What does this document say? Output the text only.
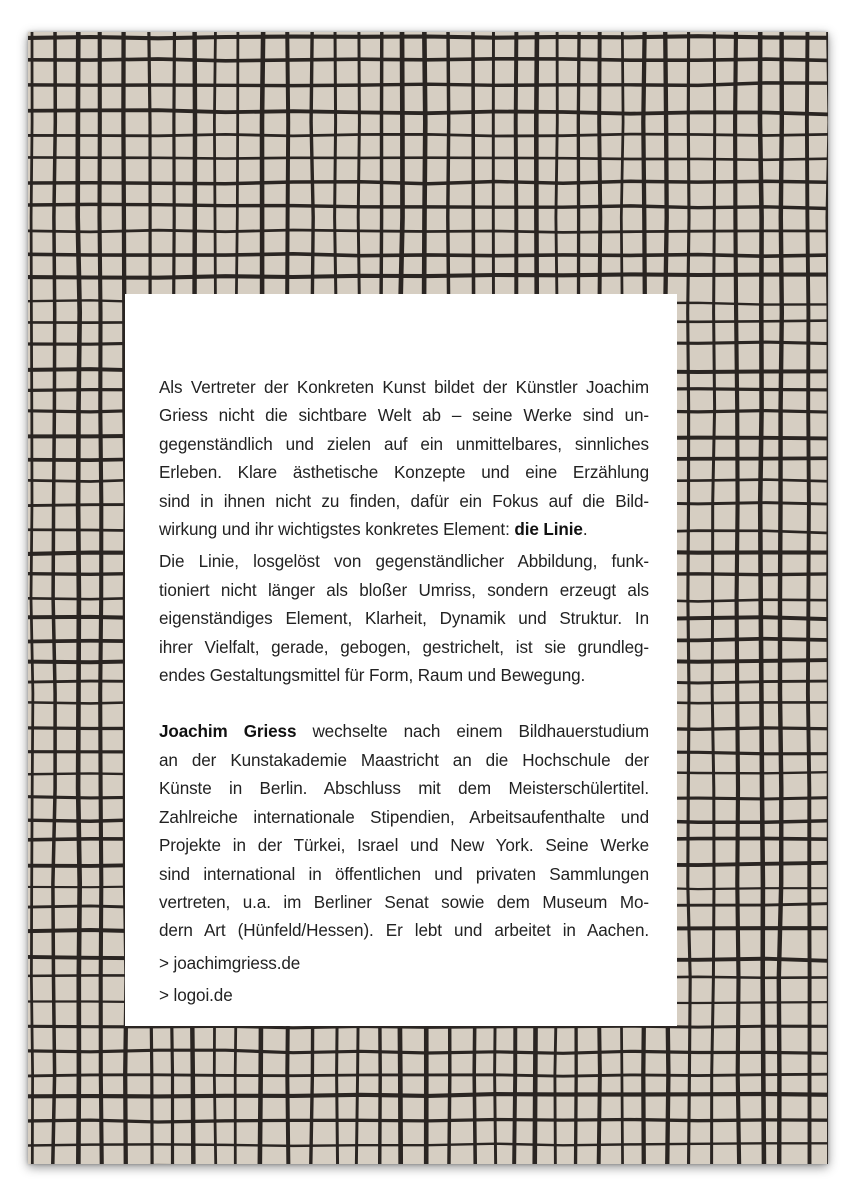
Als Vertreter der Konkreten Kunst bildet der Künstler Joachim
Griess nicht die sichtbare Welt ab – seine Werke sind un-
gegenständlich und zielen auf ein unmittelbares, sinnliches
Erleben. Klare ästhetische Konzepte und eine Erzählung
sind in ihnen nicht zu finden, dafür ein Fokus auf die Bild-
wirkung und ihr wichtigstes konkretes Element: die Linie.
Die Linie, losgelöst von gegenständlicher Abbildung, funk-
tioniert nicht länger als bloßer Umriss, sondern erzeugt als
eigenständiges Element, Klarheit, Dynamik und Struktur. In
ihrer Vielfalt, gerade, gebogen, gestrichelt, ist sie grundleg-
endes Gestaltungsmittel für Form, Raum und Bewegung.
Joachim Griess wechselte nach einem Bildhauerstudium
an der Kunstakademie Maastricht an die Hochschule der
Künste in Berlin. Abschluss mit dem Meisterschülertitel.
Zahlreiche internationale Stipendien, Arbeitsaufenthalte und
Projekte in der Türkei, Israel und New York. Seine Werke
sind international in öffentlichen und privaten Sammlungen
vertreten, u.a. im Berliner Senat sowie dem Museum Mo-
dern Art (Hünfeld/Hessen). Er lebt und arbeitet in Aachen.
> joachimgriess.de
> logoi.de
